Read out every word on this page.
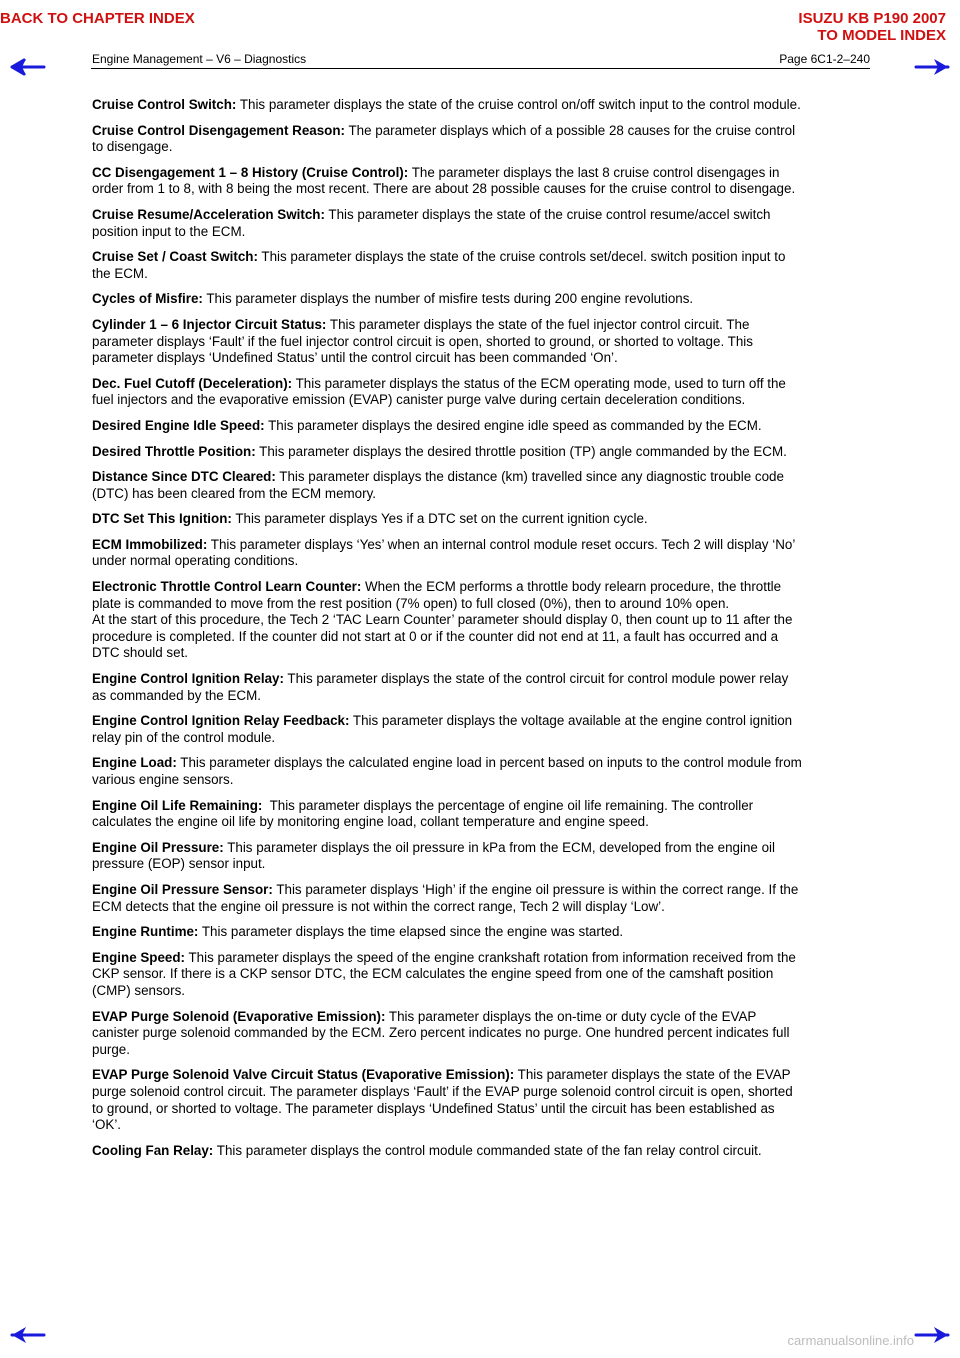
BACK TO CHAPTER INDEX	ISUZU KB P190 2007
TO MODEL INDEX
Engine Management – V6 – Diagnostics	Page 6C1-2–240
Cruise Control Switch: This parameter displays the state of the cruise control on/off switch input to the control module.
Cruise Control Disengagement Reason: The parameter displays which of a possible 28 causes for the cruise control
to disengage.
CC Disengagement 1 – 8 History (Cruise Control): The parameter displays the last 8 cruise control disengages in
order from 1 to 8, with 8 being the most recent. There are about 28 possible causes for the cruise control to disengage.
Cruise Resume/Acceleration Switch: This parameter displays the state of the cruise control resume/accel switch
position input to the ECM.
Cruise Set / Coast Switch: This parameter displays the state of the cruise controls set/decel. switch position input to
the ECM.
Cycles of Misfire: This parameter displays the number of misfire tests during 200 engine revolutions.
Cylinder 1 – 6 Injector Circuit Status: This parameter displays the state of the fuel injector control circuit. The
parameter displays ‘Fault’ if the fuel injector control circuit is open, shorted to ground, or shorted to voltage. This
parameter displays ‘Undefined Status’ until the control circuit has been commanded ‘On’.
Dec. Fuel Cutoff (Deceleration): This parameter displays the status of the ECM operating mode, used to turn off the
fuel injectors and the evaporative emission (EVAP) canister purge valve during certain deceleration conditions.
Desired Engine Idle Speed: This parameter displays the desired engine idle speed as commanded by the ECM.
Desired Throttle Position: This parameter displays the desired throttle position (TP) angle commanded by the ECM.
Distance Since DTC Cleared: This parameter displays the distance (km) travelled since any diagnostic trouble code
(DTC) has been cleared from the ECM memory.
DTC Set This Ignition: This parameter displays Yes if a DTC set on the current ignition cycle.
ECM Immobilized: This parameter displays ‘Yes’ when an internal control module reset occurs. Tech 2 will display ‘No’
under normal operating conditions.
Electronic Throttle Control Learn Counter: When the ECM performs a throttle body relearn procedure, the throttle
plate is commanded to move from the rest position (7% open) to full closed (0%), then to around 10% open.
At the start of this procedure, the Tech 2 ‘TAC Learn Counter’ parameter should display 0, then count up to 11 after the
procedure is completed. If the counter did not start at 0 or if the counter did not end at 11, a fault has occurred and a
DTC should set.
Engine Control Ignition Relay: This parameter displays the state of the control circuit for control module power relay
as commanded by the ECM.
Engine Control Ignition Relay Feedback: This parameter displays the voltage available at the engine control ignition
relay pin of the control module.
Engine Load: This parameter displays the calculated engine load in percent based on inputs to the control module from
various engine sensors.
Engine Oil Life Remaining:  This parameter displays the percentage of engine oil life remaining. The controller
calculates the engine oil life by monitoring engine load, collant temperature and engine speed.
Engine Oil Pressure: This parameter displays the oil pressure in kPa from the ECM, developed from the engine oil
pressure (EOP) sensor input.
Engine Oil Pressure Sensor: This parameter displays ‘High’ if the engine oil pressure is within the correct range. If the
ECM detects that the engine oil pressure is not within the correct range, Tech 2 will display ‘Low’.
Engine Runtime: This parameter displays the time elapsed since the engine was started.
Engine Speed: This parameter displays the speed of the engine crankshaft rotation from information received from the
CKP sensor. If there is a CKP sensor DTC, the ECM calculates the engine speed from one of the camshaft position
(CMP) sensors.
EVAP Purge Solenoid (Evaporative Emission): This parameter displays the on-time or duty cycle of the EVAP
canister purge solenoid commanded by the ECM. Zero percent indicates no purge. One hundred percent indicates full
purge.
EVAP Purge Solenoid Valve Circuit Status (Evaporative Emission): This parameter displays the state of the EVAP
purge solenoid control circuit. The parameter displays ‘Fault’ if the EVAP purge solenoid control circuit is open, shorted
to ground, or shorted to voltage. The parameter displays ‘Undefined Status’ until the circuit has been established as
‘OK’.
Cooling Fan Relay: This parameter displays the control module commanded state of the fan relay control circuit.
carmanualsonline.info
